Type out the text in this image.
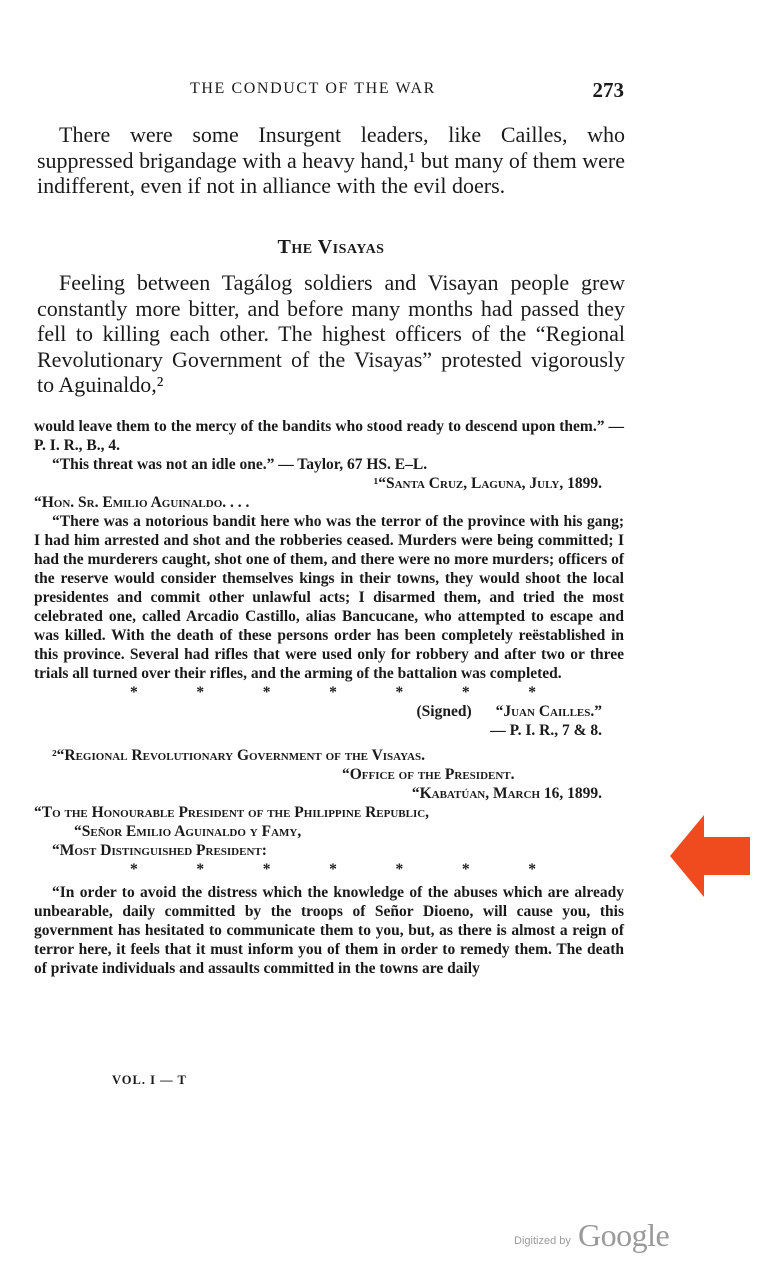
THE CONDUCT OF THE WAR	273

There were some Insurgent leaders, like Cailles, who suppressed brigandage with a heavy hand,¹ but many of them were indifferent, even if not in alliance with the evil doers.

The Visayas

Feeling between Tagálog soldiers and Visayan people grew constantly more bitter, and before many months had passed they fell to killing each other. The highest officers of the “Regional Revolutionary Government of the Visayas” protested vigorously to Aguinaldo,²

would leave them to the mercy of the bandits who stood ready to descend upon them.” — P. I. R., B., 4.

“This threat was not an idle one.” — Taylor, 67 HS. E–L.

¹“Santa Cruz, Laguna, July, 1899.

“Hon. Sr. Emilio Aguinaldo. . . .

“There was a notorious bandit here who was the terror of the province with his gang; I had him arrested and shot and the robberies ceased. Murders were being committed; I had the murderers caught, shot one of them, and there were no more murders; officers of the reserve would consider themselves kings in their towns, they would shoot the local presidentes and commit other unlawful acts; I disarmed them, and tried the most celebrated one, called Arcadio Castillo, alias Bancucane, who attempted to escape and was killed. With the death of these persons order has been completely reëstablished in this province. Several had rifles that were used only for robbery and after two or three trials all turned over their rifles, and the arming of the battalion was completed.

*	*	*	*	*	*	*
(Signed) “Juan Cailles.”

— P. I. R., 7 & 8.

²“Regional Revolutionary Government of the Visayas.

“Office of the President.

“Kabatúan, March 16, 1899.

“To the Honourable President of the Philippine Republic,

“Señor Emilio Aguinaldo y Famy,

“Most Distinguished President:

*	*	*	*	*	*	*

“In order to avoid the distress which the knowledge of the abuses which are already unbearable, daily committed by the troops of Señor Dioeno, will cause you, this government has hesitated to communicate them to you, but, as there is almost a reign of terror here, it feels that it must inform you of them in order to remedy them. The death of private individuals and assaults committed in the towns are daily

VOL. I — T
Digitized by Google
